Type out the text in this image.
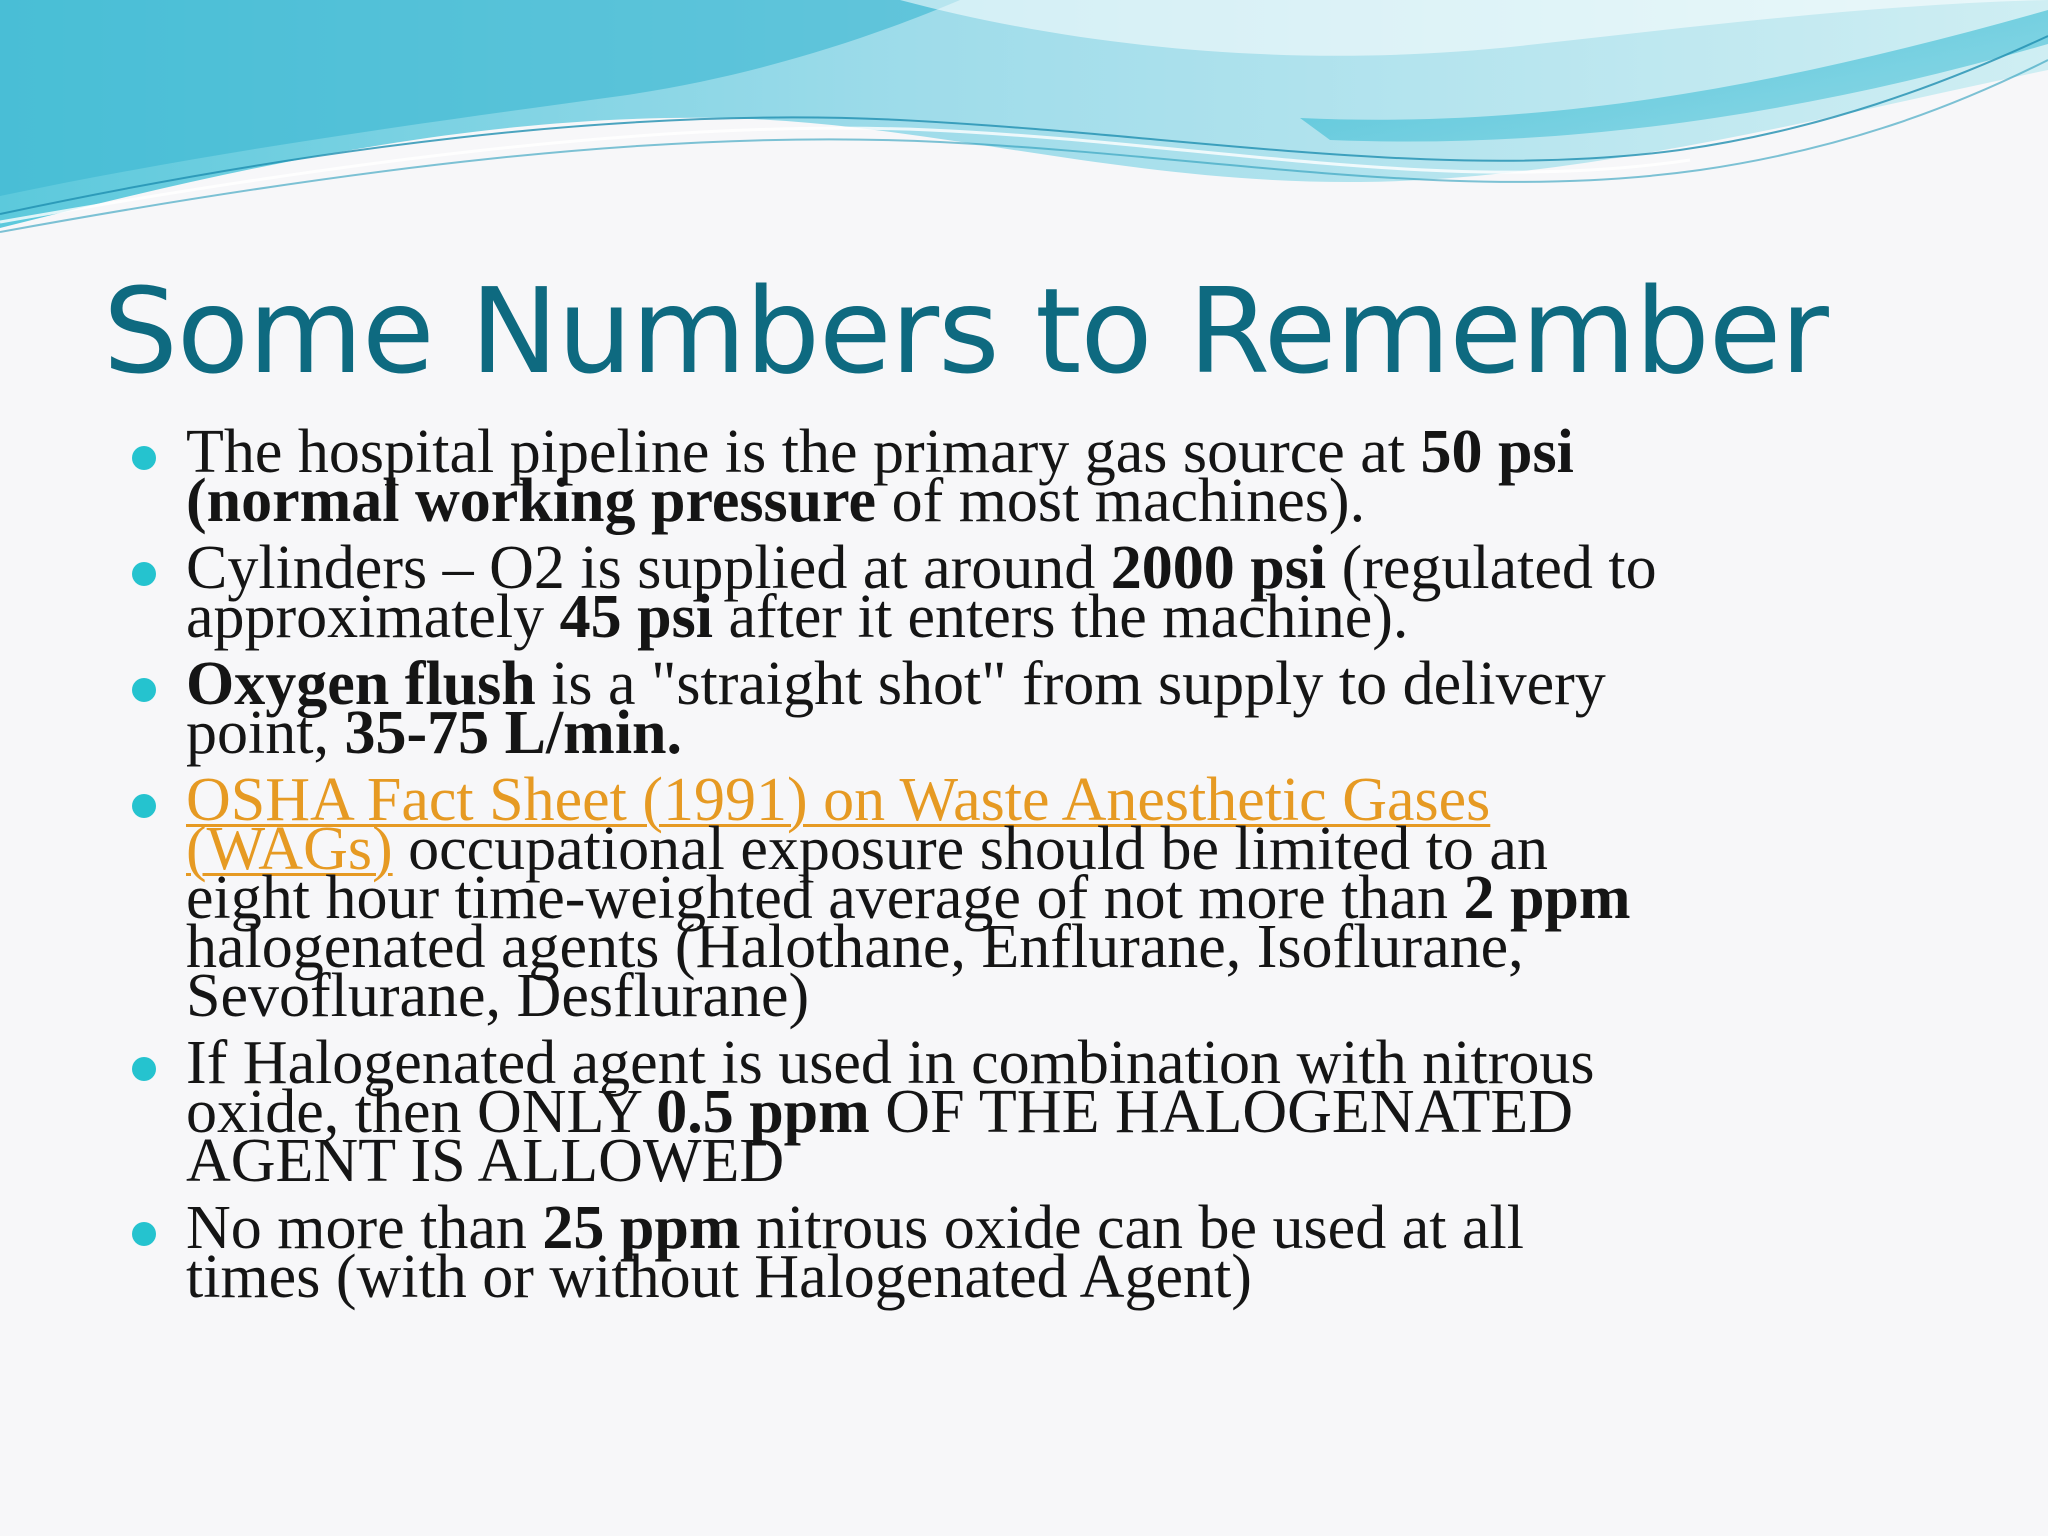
Some Numbers to Remember
The hospital pipeline is the primary gas source at 50 psi
(normal working pressure of most machines).
Cylinders – O2 is supplied at around 2000 psi (regulated to
approximately 45 psi after it enters the machine).
Oxygen flush is a "straight shot" from supply to delivery
point, 35-75 L/min.
OSHA Fact Sheet (1991) on Waste Anesthetic Gases
(WAGs) occupational exposure should be limited to an
eight hour time-weighted average of not more than 2 ppm
halogenated agents (Halothane, Enflurane, Isoflurane,
Sevoflurane, Desflurane)
If Halogenated agent is used in combination with nitrous
oxide, then ONLY 0.5 ppm OF THE HALOGENATED
AGENT IS ALLOWED
No more than 25 ppm nitrous oxide can be used at all
times (with or without Halogenated Agent)
